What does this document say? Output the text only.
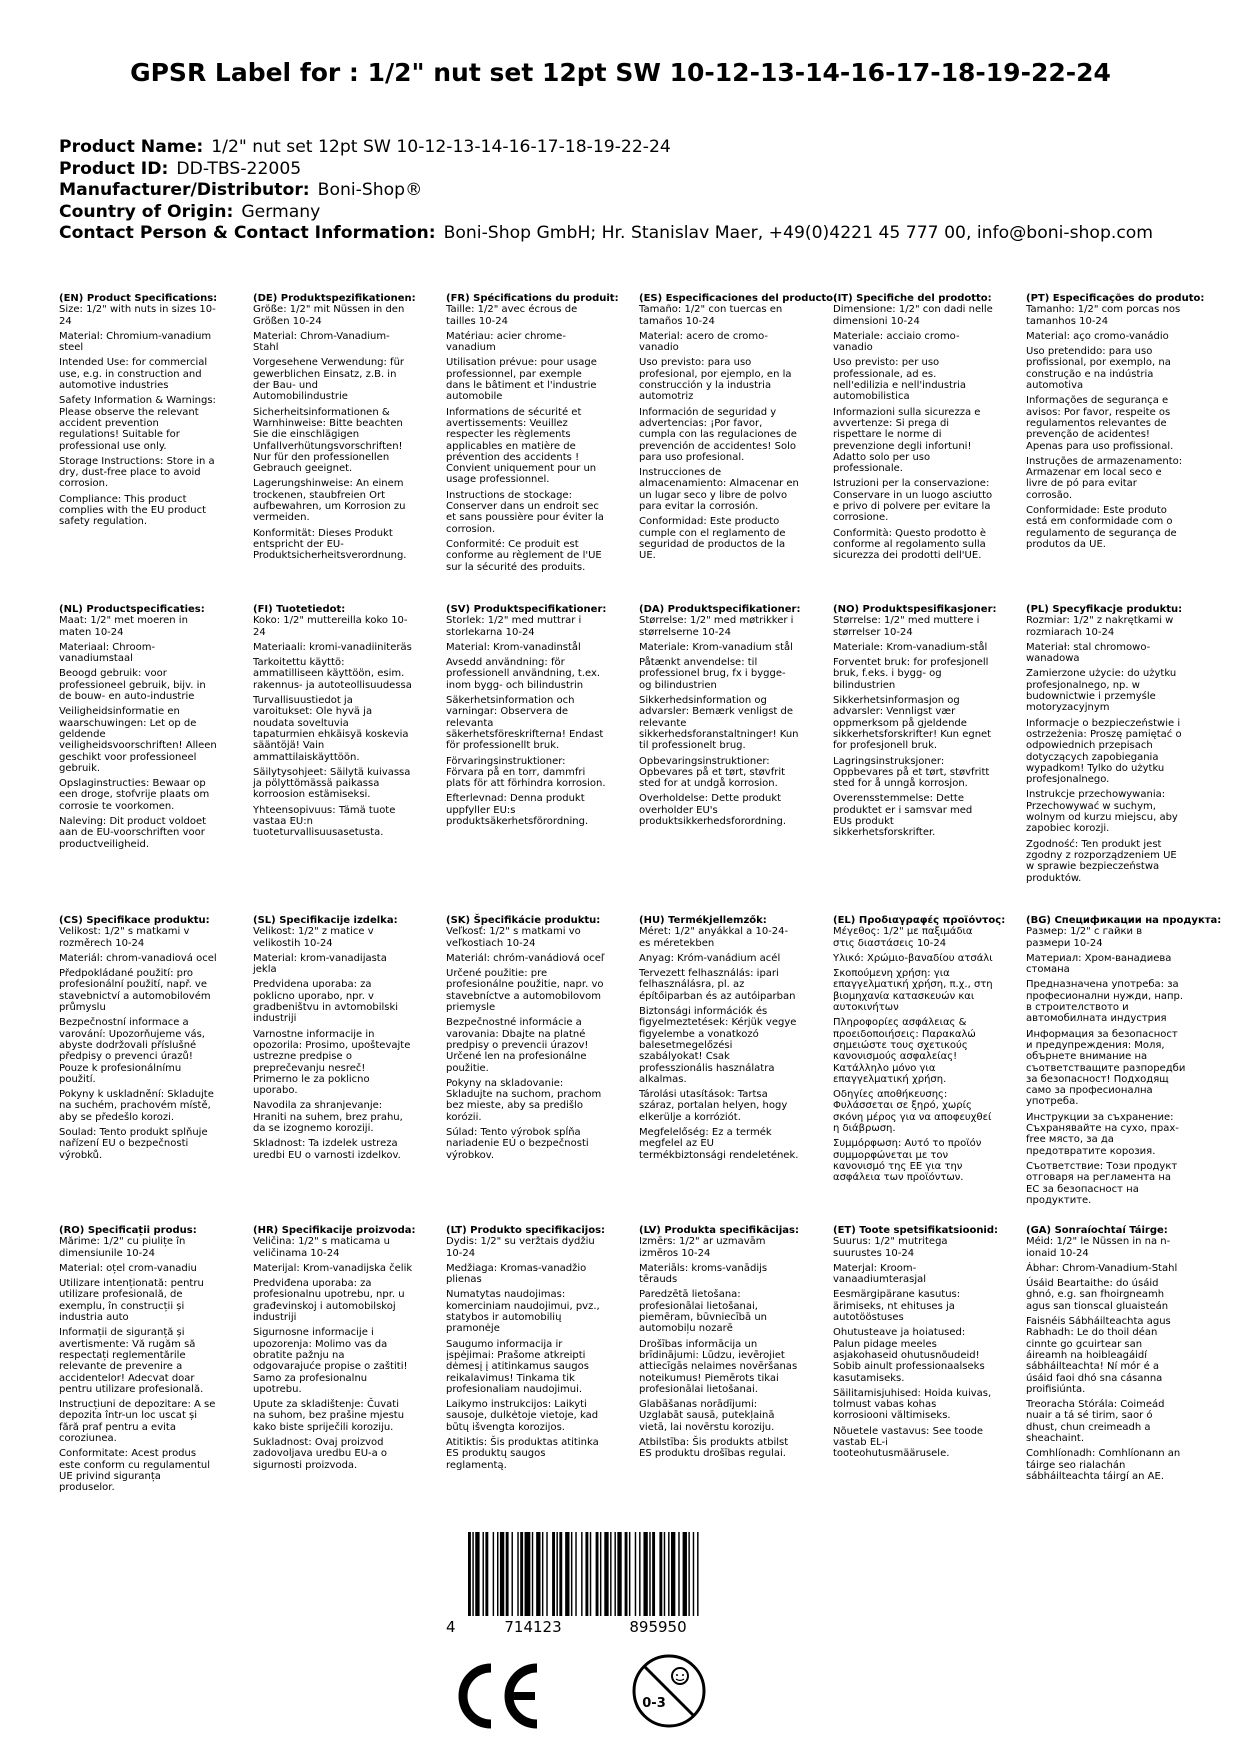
GPSR Label for : 1/2" nut set 12pt SW 10-12-13-14-16-17-18-19-22-24
Product Name: 1/2" nut set 12pt SW 10-12-13-14-16-17-18-19-22-24
Product ID: DD-TBS-22005
Manufacturer/Distributor: Boni-Shop®
Country of Origin: Germany
Contact Person & Contact Information: Boni-Shop GmbH; Hr. Stanislav Maer, +49(0)4221 45 777 00, info@boni-shop.com
(EN) Product Specifications:
Size: 1/2" with nuts in sizes 10-24
Material: Chromium-vanadium steel
Intended Use: for commercial use, e.g. in construction and automotive industries
Safety Information & Warnings: Please observe the relevant accident prevention regulations! Suitable for professional use only.
Storage Instructions: Store in a dry, dust-free place to avoid corrosion.
Compliance: This product complies with the EU product safety regulation.
(DE) Produktspezifikationen:
Größe: 1/2" mit Nüssen in den Größen 10-24
Material: Chrom-Vanadium-Stahl
Vorgesehene Verwendung: für gewerblichen Einsatz, z.B. in der Bau- und Automobilindustrie
Sicherheitsinformationen & Warnhinweise: Bitte beachten Sie die einschlägigen Unfallverhütungsvorschriften! Nur für den professionellen Gebrauch geeignet.
Lagerungshinweise: An einem trockenen, staubfreien Ort aufbewahren, um Korrosion zu vermeiden.
Konformität: Dieses Produkt entspricht der EU-Produktsicherheitsverordnung.
(FR) Spécifications du produit:
Taille: 1/2" avec écrous de tailles 10-24
Matériau: acier chrome-vanadium
Utilisation prévue: pour usage professionnel, par exemple dans le bâtiment et l'industrie automobile
Informations de sécurité et avertissements: Veuillez respecter les règlements applicables en matière de prévention des accidents ! Convient uniquement pour un usage professionnel.
Instructions de stockage: Conserver dans un endroit sec et sans poussière pour éviter la corrosion.
Conformité: Ce produit est conforme au règlement de l'UE sur la sécurité des produits.
(ES) Especificaciones del producto:
Tamaño: 1/2" con tuercas en tamaños 10-24
Material: acero de cromo-vanadio
Uso previsto: para uso profesional, por ejemplo, en la construcción y la industria automotriz
Información de seguridad y advertencias: ¡Por favor, cumpla con las regulaciones de prevención de accidentes! Solo para uso profesional.
Instrucciones de almacenamiento: Almacenar en un lugar seco y libre de polvo para evitar la corrosión.
Conformidad: Este producto cumple con el reglamento de seguridad de productos de la UE.
(IT) Specifiche del prodotto:
Dimensione: 1/2" con dadi nelle dimensioni 10-24
Materiale: acciaio cromo-vanadio
Uso previsto: per uso professionale, ad es. nell'edilizia e nell'industria automobilistica
Informazioni sulla sicurezza e avvertenze: Si prega di rispettare le norme di prevenzione degli infortuni! Adatto solo per uso professionale.
Istruzioni per la conservazione: Conservare in un luogo asciutto e privo di polvere per evitare la corrosione.
Conformità: Questo prodotto è conforme al regolamento sulla sicurezza dei prodotti dell'UE.
(PT) Especificações do produto:
Tamanho: 1/2" com porcas nos tamanhos 10-24
Material: aço cromo-vanádio
Uso pretendido: para uso profissional, por exemplo, na construção e na indústria automotiva
Informações de segurança e avisos: Por favor, respeite os regulamentos relevantes de prevenção de acidentes! Apenas para uso profissional.
Instruções de armazenamento: Armazenar em local seco e livre de pó para evitar corrosão.
Conformidade: Este produto está em conformidade com o regulamento de segurança de produtos da UE.
(NL) Productspecificaties:
Maat: 1/2" met moeren in maten 10-24
Materiaal: Chroom-vanadiumstaal
Beoogd gebruik: voor professioneel gebruik, bijv. in de bouw- en auto-industrie
Veiligheidsinformatie en waarschuwingen: Let op de geldende veiligheidsvoorschriften! Alleen geschikt voor professioneel gebruik.
Opslaginstructies: Bewaar op een droge, stofvrije plaats om corrosie te voorkomen.
Naleving: Dit product voldoet aan de EU-voorschriften voor productveiligheid.
(FI) Tuotetiedot:
Koko: 1/2" muttereilla koko 10-24
Materiaali: kromi-vanadiiniteräs
Tarkoitettu käyttö: ammatilliseen käyttöön, esim. rakennus- ja autoteollisuudessa
Turvallisuustiedot ja varoitukset: Ole hyvä ja noudata soveltuvia tapaturmien ehkäisyä koskevia sääntöjä! Vain ammattilaiskäyttöön.
Säilytysohjeet: Säilytä kuivassa ja pölyttömässä paikassa korroosion estämiseksi.
Yhteensopivuus: Tämä tuote vastaa EU:n tuoteturvallisuusasetusta.
(SV) Produktspecifikationer:
Storlek: 1/2" med muttrar i storlekarna 10-24
Material: Krom-vanadinstål
Avsedd användning: för professionell användning, t.ex. inom bygg- och bilindustrin
Säkerhetsinformation och varningar: Observera de relevanta säkerhetsföreskrifterna! Endast för professionellt bruk.
Förvaringsinstruktioner: Förvara på en torr, dammfri plats för att förhindra korrosion.
Efterlevnad: Denna produkt uppfyller EU:s produktsäkerhetsförordning.
(DA) Produktspecifikationer:
Størrelse: 1/2" med møtrikker i størrelserne 10-24
Materiale: Krom-vanadium stål
Påtænkt anvendelse: til professionel brug, fx i bygge- og bilindustrien
Sikkerhedsinformation og advarsler: Bemærk venligst de relevante sikkerhedsforanstaltninger! Kun til professionelt brug.
Opbevaringsinstruktioner: Opbevares på et tørt, støvfrit sted for at undgå korrosion.
Overholdelse: Dette produkt overholder EU's produktsikkerhedsforordning.
(NO) Produktspesifikasjoner:
Størrelse: 1/2" med muttere i størrelser 10-24
Materiale: Krom-vanadium-stål
Forventet bruk: for profesjonell bruk, f.eks. i bygg- og bilindustrien
Sikkerhetsinformasjon og advarsler: Vennligst vær oppmerksom på gjeldende sikkerhetsforskrifter! Kun egnet for profesjonell bruk.
Lagringsinstruksjoner: Oppbevares på et tørt, støvfritt sted for å unngå korrosjon.
Overensstemmelse: Dette produktet er i samsvar med EUs produkt sikkerhetsforskrifter.
(PL) Specyfikacje produktu:
Rozmiar: 1/2" z nakrętkami w rozmiarach 10-24
Materiał: stal chromowo-wanadowa
Zamierzone użycie: do użytku profesjonalnego, np. w budownictwie i przemyśle motoryzacyjnym
Informacje o bezpieczeństwie i ostrzeżenia: Proszę pamiętać o odpowiednich przepisach dotyczących zapobiegania wypadkom! Tylko do użytku profesjonalnego.
Instrukcje przechowywania: Przechowywać w suchym, wolnym od kurzu miejscu, aby zapobiec korozji.
Zgodność: Ten produkt jest zgodny z rozporządzeniem UE w sprawie bezpieczeństwa produktów.
(CS) Specifikace produktu:
Velikost: 1/2" s matkami v rozměrech 10-24
Materiál: chrom-vanadiová ocel
Předpokládané použití: pro profesionální použití, např. ve stavebnictví a automobilovém průmyslu
Bezpečnostní informace a varování: Upozorňujeme vás, abyste dodržovali příslušné předpisy o prevenci úrazů! Pouze k profesionálnímu použití.
Pokyny k uskladnění: Skladujte na suchém, prachovém místě, aby se předešlo korozi.
Soulad: Tento produkt splňuje nařízení EU o bezpečnosti výrobků.
(SL) Specifikacije izdelka:
Velikost: 1/2" z matice v velikostih 10-24
Material: krom-vanadijasta jekla
Predvidena uporaba: za poklicno uporabo, npr. v gradbeništvu in avtomobilski industriji
Varnostne informacije in opozorila: Prosimo, upoštevajte ustrezne predpise o preprečevanju nesreč! Primerno le za poklicno uporabo.
Navodila za shranjevanje: Hraniti na suhem, brez prahu, da se izognemo koroziji.
Skladnost: Ta izdelek ustreza uredbi EU o varnosti izdelkov.
(SK) Špecifikácie produktu:
Veľkosť: 1/2" s matkami vo veľkostiach 10-24
Materiál: chróm-vanádiová oceľ
Určené použitie: pre profesionálne použitie, napr. vo stavebníctve a automobilovom priemysle
Bezpečnostné informácie a varovania: Dbajte na platné predpisy o prevencii úrazov! Určené len na profesionálne použitie.
Pokyny na skladovanie: Skladujte na suchom, prachom bez mieste, aby sa predišlo korózii.
Súlad: Tento výrobok spĺňa nariadenie EÚ o bezpečnosti výrobkov.
(HU) Termékjellemzők:
Méret: 1/2" anyákkal a 10-24-es méretekben
Anyag: Króm-vanádium acél
Tervezett felhasználás: ipari felhasználásra, pl. az építőiparban és az autóiparban
Biztonsági információk és figyelmeztetések: Kérjük vegye figyelembe a vonatkozó balesetmegelőzési szabályokat! Csak professzionális használatra alkalmas.
Tárolási utasítások: Tartsa száraz, portalan helyen, hogy elkerülje a korróziót.
Megfelelőség: Ez a termék megfelel az EU termékbiztonsági rendeletének.
(EL) Προδιαγραφές προϊόντος:
Μέγεθος: 1/2" με παξιμάδια στις διαστάσεις 10-24
Υλικό: Χρώμιο-βαναδίου ατσάλι
Σκοπούμενη χρήση: για επαγγελματική χρήση, π.χ., στη βιομηχανία κατασκευών και αυτοκινήτων
Πληροφορίες ασφάλειας & προειδοποιήσεις: Παρακαλώ σημειώστε τους σχετικούς κανονισμούς ασφαλείας! Κατάλληλο μόνο για επαγγελματική χρήση.
Οδηγίες αποθήκευσης: Φυλάσσεται σε ξηρό, χωρίς σκόνη μέρος για να αποφευχθεί η διάβρωση.
Συμμόρφωση: Αυτό το προϊόν συμμορφώνεται με τον κανονισμό της ΕΕ για την ασφάλεια των προϊόντων.
(BG) Спецификации на продукта:
Размер: 1/2" с гайки в размери 10-24
Материал: Хром-ванадиева стомана
Предназначена употреба: за професионални нужди, напр. в строителството и автомобилната индустрия
Информация за безопасност и предупреждения: Моля, обърнете внимание на съответстващите разпоредби за безопасност! Подходящ само за професионална употреба.
Инструкции за съхранение: Съхранявайте на сухо, прах-free място, за да предотвратите корозия.
Съответствие: Този продукт отговаря на регламента на ЕС за безопасност на продуктите.
(RO) Specificații produs:
Mărime: 1/2" cu piulițe în dimensiunile 10-24
Material: oțel crom-vanadiu
Utilizare intenționată: pentru utilizare profesională, de exemplu, în construcții și industria auto
Informații de siguranță și avertismente: Vă rugăm să respectați reglementările relevante de prevenire a accidentelor! Adecvat doar pentru utilizare profesională.
Instrucțiuni de depozitare: A se depozita într-un loc uscat și fără praf pentru a evita coroziunea.
Conformitate: Acest produs este conform cu regulamentul UE privind siguranța produselor.
(HR) Specifikacije proizvoda:
Veličina: 1/2" s maticama u veličinama 10-24
Materijal: Krom-vanadijska čelik
Predviđena uporaba: za profesionalnu upotrebu, npr. u građevinskoj i automobilskoj industriji
Sigurnosne informacije i upozorenja: Molimo vas da obratite pažnju na odgovarajuće propise o zaštiti! Samo za profesionalnu upotrebu.
Upute za skladištenje: Čuvati na suhom, bez prašine mjestu kako biste spriječili koroziju.
Sukladnost: Ovaj proizvod zadovoljava uredbu EU-a o sigurnosti proizvoda.
(LT) Produkto specifikacijos:
Dydis: 1/2" su veržtais dydžiu 10-24
Medžiaga: Kromas-vanadžio plienas
Numatytas naudojimas: komerciniam naudojimui, pvz., statybos ir automobilių pramonėje
Saugumo informacija ir įspėjimai: Prašome atkreipti dėmesį į atitinkamus saugos reikalavimus! Tinkama tik profesionaliam naudojimui.
Laikymo instrukcijos: Laikyti sausoje, dulkėtoje vietoje, kad būtų išvengta korozijos.
Atitiktis: Šis produktas atitinka ES produktų saugos reglamentą.
(LV) Produkta specifikācijas:
Izmērs: 1/2" ar uzmavām izmēros 10-24
Materiāls: kroms-vanādijs tērauds
Paredzētā lietošana: profesionālai lietošanai, piemēram, būvniecībā un automobiļu nozarē
Drošības informācija un brīdinājumi: Lūdzu, ievērojiet attiecīgās nelaimes novēršanas noteikumus! Piemērots tikai profesionālai lietošanai.
Glabāšanas norādījumi: Uzglabāt sausā, putekļainā vietā, lai novērstu koroziju.
Atbilstība: Šis produkts atbilst ES produktu drošības regulai.
(ET) Toote spetsifikatsioonid:
Suurus: 1/2" mutritega suurustes 10-24
Materjal: Kroom-vanaadiumterasjal
Eesmärgipärane kasutus: ärimiseks, nt ehituses ja autotööstuses
Ohutusteave ja hoiatused: Palun pidage meeles asjakohaseid ohutusnõudeid! Sobib ainult professionaalseks kasutamiseks.
Säilitamisjuhised: Hoida kuivas, tolmust vabas kohas korrosiooni vältimiseks.
Nõuetele vastavus: See toode vastab EL-i tooteohutusmäärusele.
(GA) Sonraíochtaí Táirge:
Méid: 1/2" le Nüssen in na n-ionaid 10-24
Ábhar: Chrom-Vanadium-Stahl
Úsáid Beartaithe: do úsáid ghnó, e.g. san fhoirgneamh agus san tionscal gluaisteán
Faisnéis Sábháilteachta agus Rabhadh: Le do thoil déan cinnte go gcuirtear san áireamh na hoibleagáidí sábháilteachta! Ní mór é a úsáid faoi dhó sna cásanna proifisiúnta.
Treoracha Stórála: Coimeád nuair a tá sé tirim, saor ó dhust, chun creimeadh a sheachaint.
Comhlíonadh: Comhlíonann an táirge seo rialachán sábháilteachta táirgí an AE.
4	714123	895950
CE
0-3
